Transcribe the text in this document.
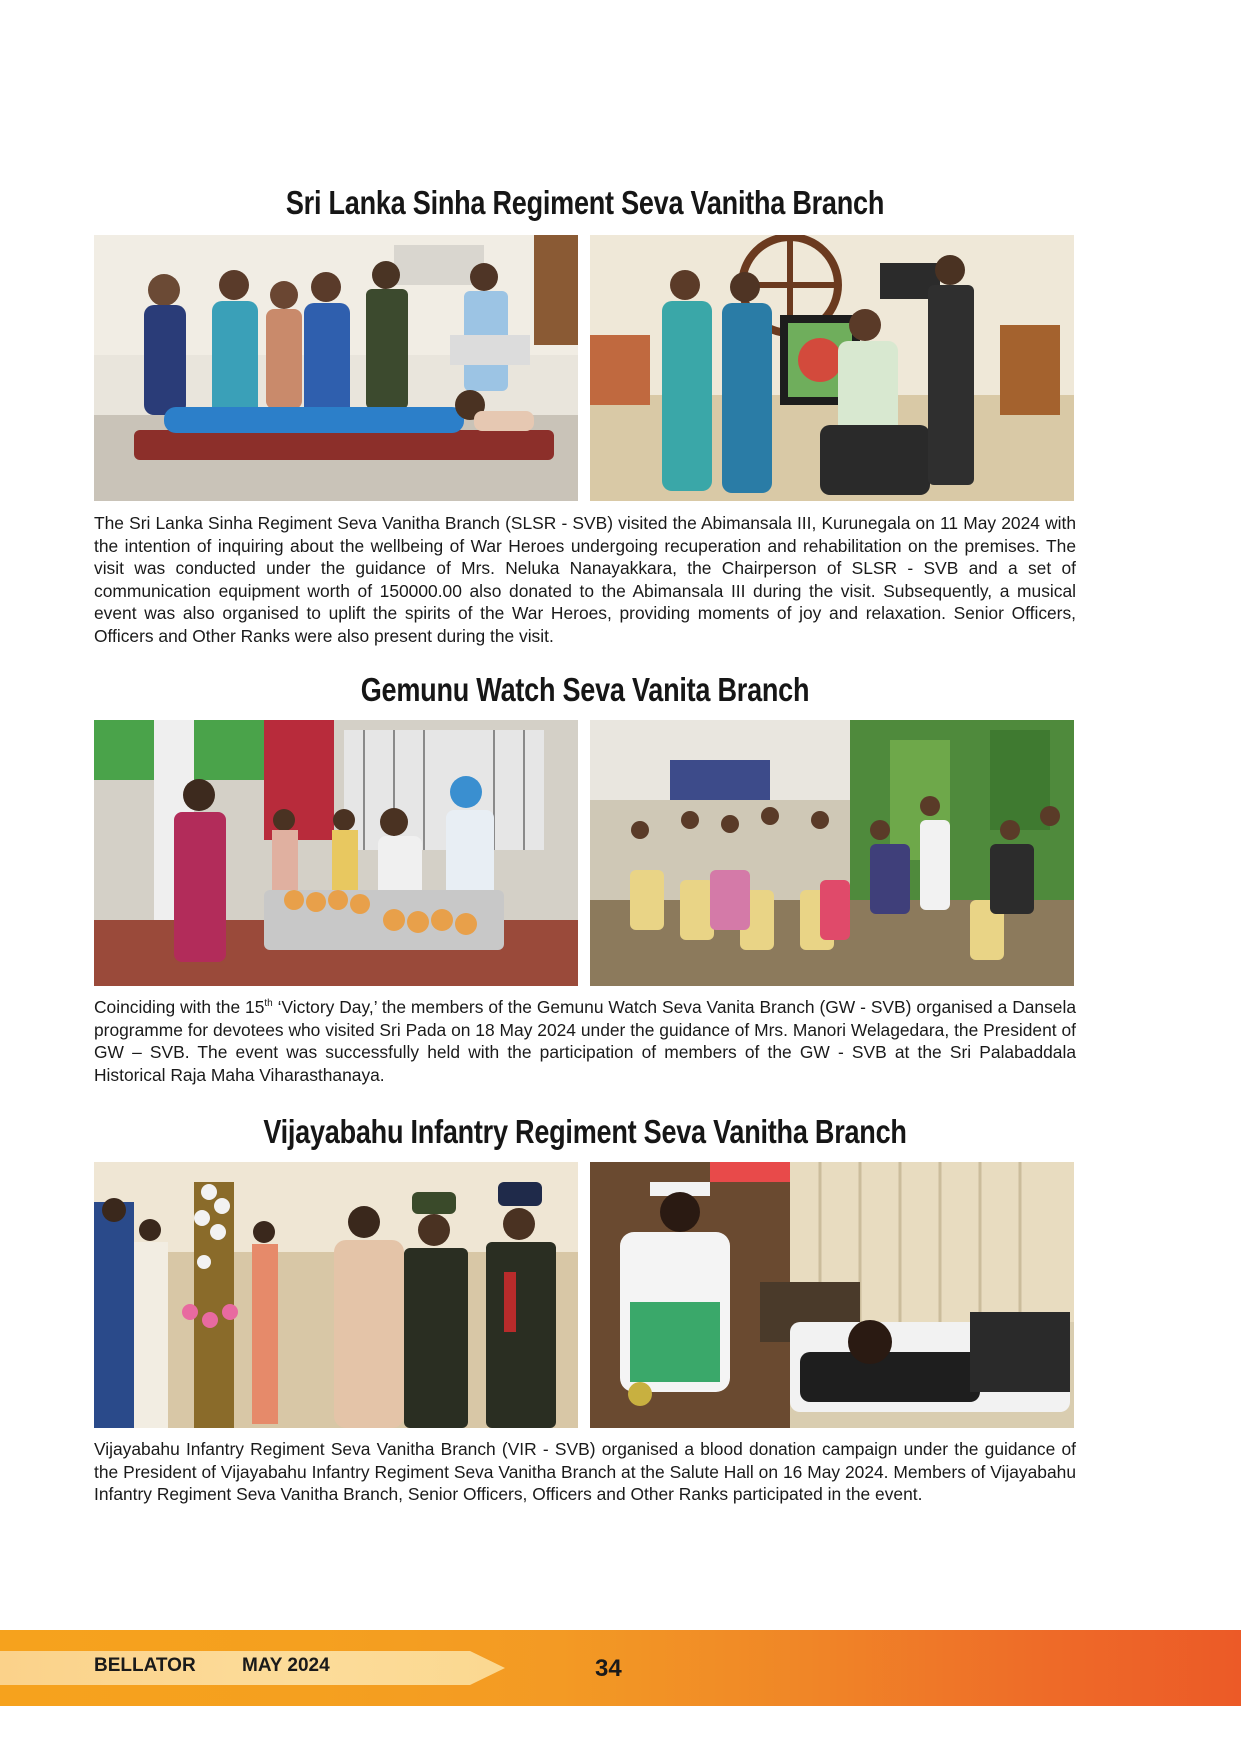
Sri Lanka Sinha Regiment Seva Vanitha Branch

The Sri Lanka Sinha Regiment Seva Vanitha Branch (SLSR - SVB) visited the Abimansala III, Kurunegala on 11 May 2024 with the intention of inquiring about the wellbeing of War Heroes undergoing recuperation and rehabilitation on the premises. The visit was conducted under the guidance of Mrs. Neluka Nanayakkara, the Chairperson of SLSR - SVB and a set of communication equipment worth of 150000.00 also donated to the Abimansala III during the visit. Subsequently, a musical event was also organised to uplift the spirits of the War Heroes, providing moments of joy and relaxation. Senior Officers, Officers and Other Ranks were also present during the visit.

Gemunu Watch Seva Vanita Branch

Coinciding with the 15th ‘Victory Day,’ the members of the Gemunu Watch Seva Vanita Branch (GW - SVB) organised a Dansela programme for devotees who visited Sri Pada on 18 May 2024 under the guidance of Mrs. Manori Welagedara, the President of GW – SVB. The event was successfully held with the participation of members of the GW - SVB at the Sri Palabaddala Historical Raja Maha Viharasthanaya.

Vijayabahu Infantry Regiment Seva Vanitha Branch

Vijayabahu Infantry Regiment Seva Vanitha Branch (VIR - SVB) organised a blood donation campaign under the guidance of the President of Vijayabahu Infantry Regiment Seva Vanitha Branch at the Salute Hall on 16 May 2024. Members of Vijayabahu Infantry Regiment Seva Vanitha Branch, Senior Officers, Officers and Other Ranks participated in the event.

BELLATOR MAY 2024	34
